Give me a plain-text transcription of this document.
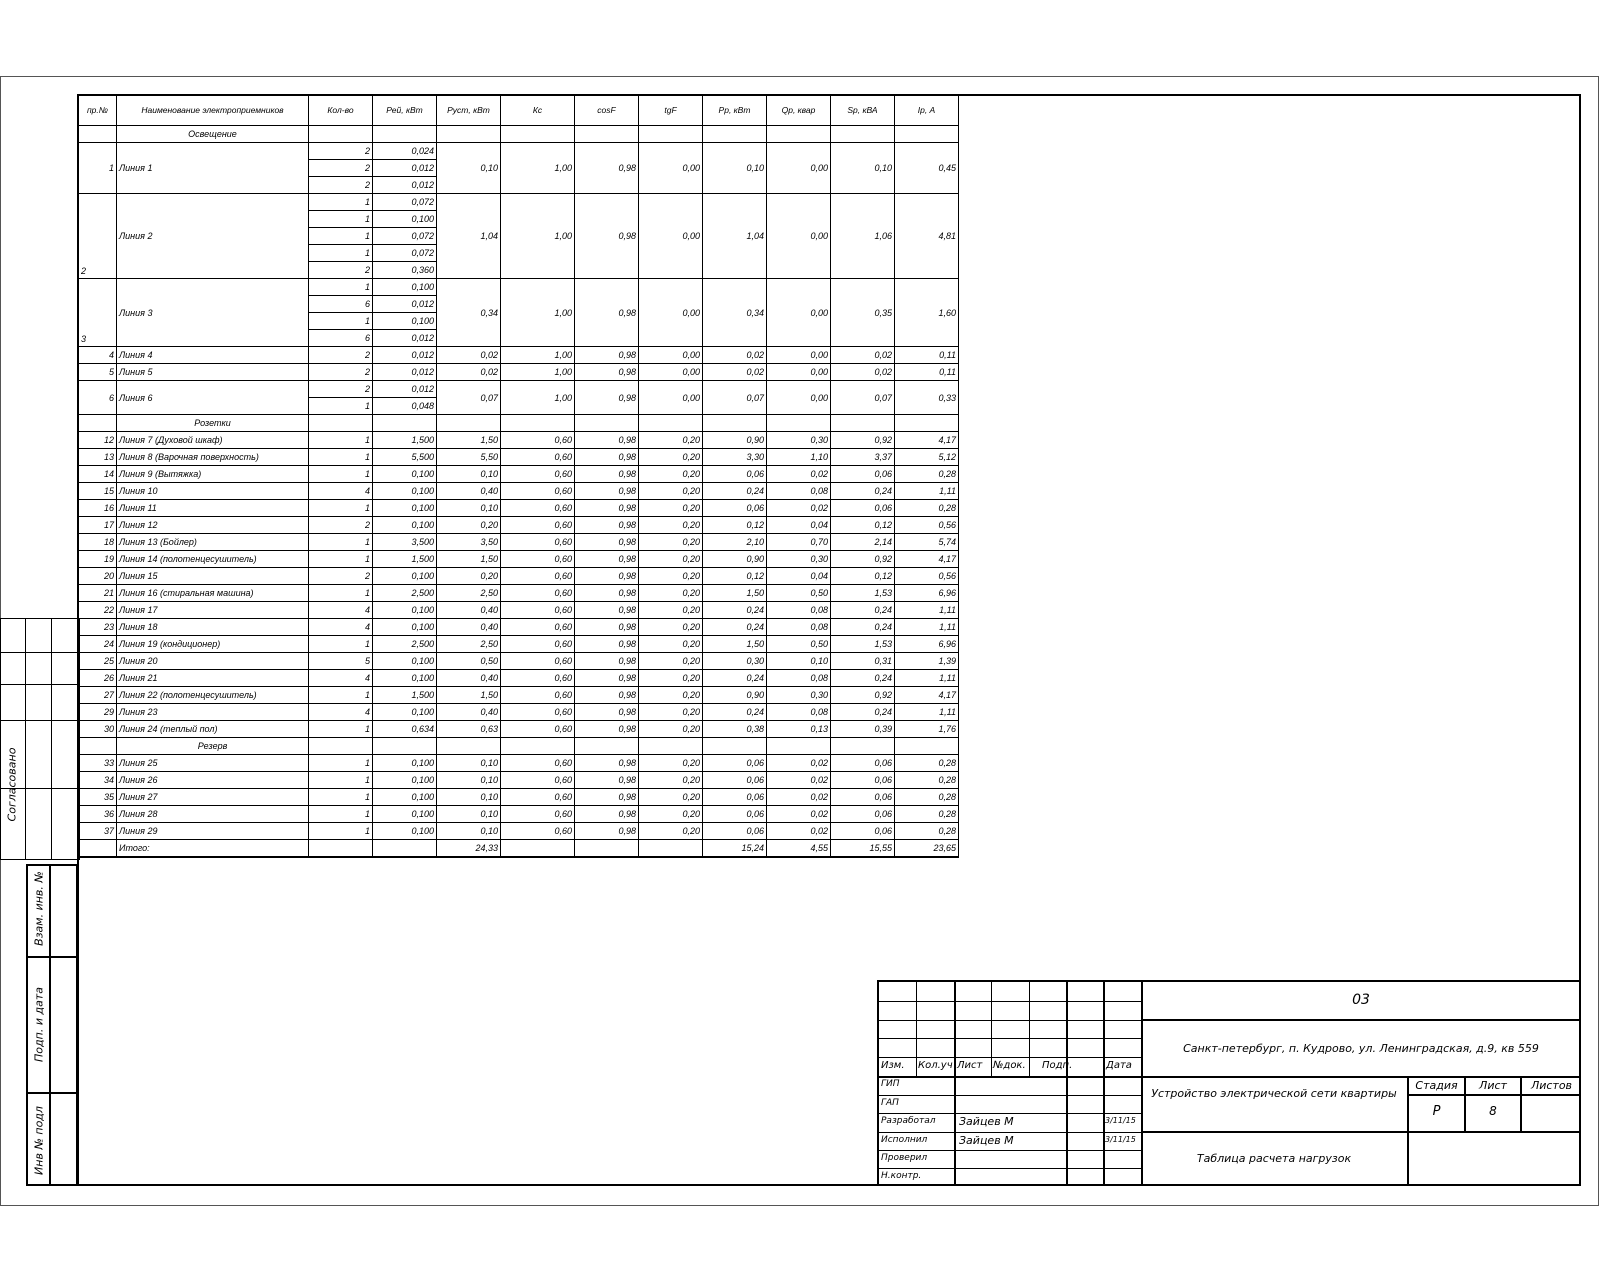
Согласовано
Взам. инв. №
Подп. и дата
Инв № подл
пр.№	Наименование электроприемников	Кол-во	Рей, кВт	Русm, кВт	Кс	cosF	tgF	Рр, кВт	Qр, квар	Sр, кВА	Iр, А
	Освещение										
1	Линия 1	2	0,024	0,10	1,00	0,98	0,00	0,10	0,00	0,10	0,45
		2	0,012								
		2	0,012								
2	Линия 2	1	0,072	1,04	1,00	0,98	0,00	1,04	0,00	1,06	4,81
		1	0,100								
		1	0,072								
		1	0,072								
		2	0,360								
3	Линия 3	1	0,100	0,34	1,00	0,98	0,00	0,34	0,00	0,35	1,60
		6	0,012								
		1	0,100								
		6	0,012								
4	Линия 4	2	0,012	0,02	1,00	0,98	0,00	0,02	0,00	0,02	0,11
5	Линия 5	2	0,012	0,02	1,00	0,98	0,00	0,02	0,00	0,02	0,11
6	Линия 6	2	0,012	0,07	1,00	0,98	0,00	0,07	0,00	0,07	0,33
		1	0,048								
	Розетки										
12	Линия 7 (Духовой шкаф)	1	1,500	1,50	0,60	0,98	0,20	0,90	0,30	0,92	4,17
13	Линия 8 (Варочная поверхность)	1	5,500	5,50	0,60	0,98	0,20	3,30	1,10	3,37	5,12
14	Линия 9 (Вытяжка)	1	0,100	0,10	0,60	0,98	0,20	0,06	0,02	0,06	0,28
15	Линия 10	4	0,100	0,40	0,60	0,98	0,20	0,24	0,08	0,24	1,11
16	Линия 11	1	0,100	0,10	0,60	0,98	0,20	0,06	0,02	0,06	0,28
17	Линия 12	2	0,100	0,20	0,60	0,98	0,20	0,12	0,04	0,12	0,56
18	Линия 13 (Бойлер)	1	3,500	3,50	0,60	0,98	0,20	2,10	0,70	2,14	5,74
19	Линия 14 (полотенцесушитель)	1	1,500	1,50	0,60	0,98	0,20	0,90	0,30	0,92	4,17
20	Линия 15	2	0,100	0,20	0,60	0,98	0,20	0,12	0,04	0,12	0,56
21	Линия 16 (стиральная машина)	1	2,500	2,50	0,60	0,98	0,20	1,50	0,50	1,53	6,96
22	Линия 17	4	0,100	0,40	0,60	0,98	0,20	0,24	0,08	0,24	1,11
23	Линия 18	4	0,100	0,40	0,60	0,98	0,20	0,24	0,08	0,24	1,11
24	Линия 19 (кондиционер)	1	2,500	2,50	0,60	0,98	0,20	1,50	0,50	1,53	6,96
25	Линия 20	5	0,100	0,50	0,60	0,98	0,20	0,30	0,10	0,31	1,39
26	Линия 21	4	0,100	0,40	0,60	0,98	0,20	0,24	0,08	0,24	1,11
27	Линия 22 (полотенцесушитель)	1	1,500	1,50	0,60	0,98	0,20	0,90	0,30	0,92	4,17
29	Линия 23	4	0,100	0,40	0,60	0,98	0,20	0,24	0,08	0,24	1,11
30	Линия 24 (теплый пол)	1	0,634	0,63	0,60	0,98	0,20	0,38	0,13	0,39	1,76
	Резерв										
33	Линия 25	1	0,100	0,10	0,60	0,98	0,20	0,06	0,02	0,06	0,28
34	Линия 26	1	0,100	0,10	0,60	0,98	0,20	0,06	0,02	0,06	0,28
35	Линия 27	1	0,100	0,10	0,60	0,98	0,20	0,06	0,02	0,06	0,28
36	Линия 28	1	0,100	0,10	0,60	0,98	0,20	0,06	0,02	0,06	0,28
37	Линия 29	1	0,100	0,10	0,60	0,98	0,20	0,06	0,02	0,06	0,28
	Итого:			24,33				15,24	4,55	15,55	23,65
Изм. Кол.уч Лист №док. Подп.	Дата
ГИП
ГАП
Разработал Зайцев М	3/11/15
Исполнил	Зайцев М	3/11/15
Проверил
Н.контр.
03
Санкт-петербург, п. Кудрово, ул. Ленинградская, д.9, кв 559
Устройство электрической сети квартиры
Стадия	Лист	Листов
Р	8
Таблица расчета нагрузок
